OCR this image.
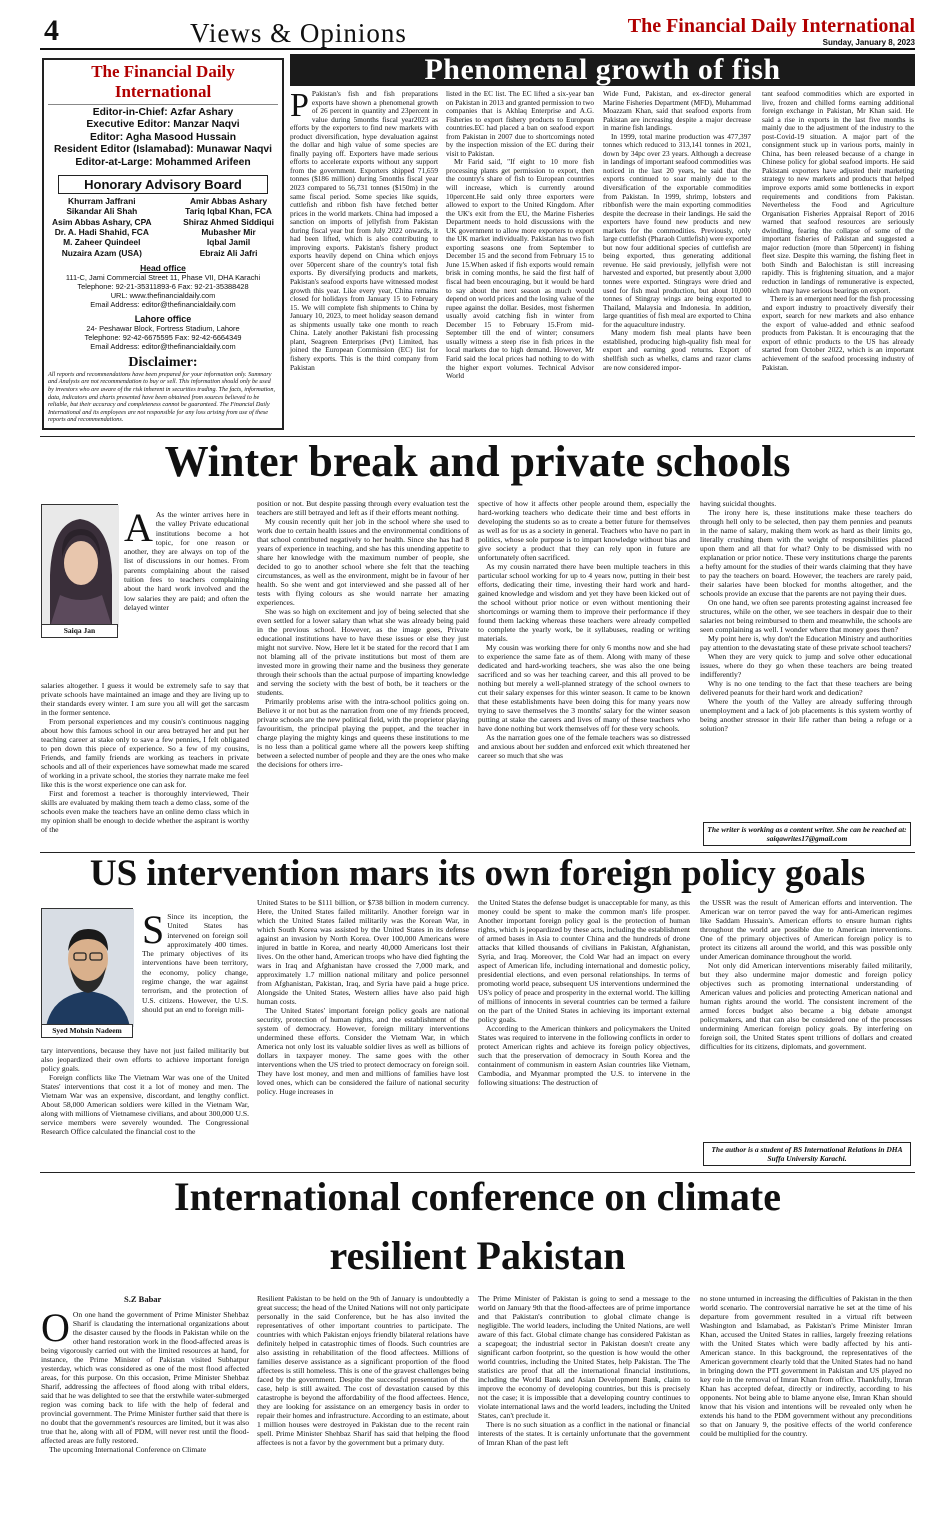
4	Views & Opinions	The Financial Daily International
Sunday, January 8, 2023
The Financial Daily International
Editor-in-Chief: Azfar Ashary
Executive Editor: Manzar Naqvi
Editor: Agha Masood Hussain
Resident Editor (Islamabad): Munawar Naqvi
Editor-at-Large: Mohammed Arifeen
Honorary Advisory Board
Khurram Jaffrani
Sikandar Ali Shah
Asim Abbas Ashary, CPA
Dr. A. Hadi Shahid, FCA
M. Zaheer Quindeel
Nuzaira Azam (USA)
Amir Abbas Ashary
Tariq Iqbal Khan, FCA
Shiraz Ahmed Siddiqui
Mubasher Mir
Iqbal Jamil
Ebraiz Ali Jafri
Head office
111-C, Jami Commercial Street 11, Phase VII, DHA Karachi
Telephone: 92-21-35311893-6 Fax: 92-21-35388428
URL: www.thefinancialdaily.com
Email Address: editor@thefinancialdaily.com
Lahore office
24- Peshawar Block, Fortress Stadium, Lahore
Telephone: 92-42-6675595 Fax: 92-42-6664349
Email Address: editor@thefinancialdaily.com
Disclaimer:
All reports and recommendations have been prepared for your information only. Summary and Analysis are not recommendation to buy or sell. This information should only be used by investors who are aware of the risk inherent in securities trading. The facts, information, data, indicators and charts presented have been obtained from sources believed to be reliable, but their accuracy and completeness cannot be guaranteed. The Financial Daily International and its employees are not responsible for any loss arising from use of these reports and recommendations.
Phenomenal growth of fish

P Pakistan's fish and fish preparations exports have shown a phenomenal growth of 26 percent in quantity and 23percent in value during 5months fiscal year2023 as efforts by the exporters to find new markets with product diversification, hype devaluation against the dollar and high value of some species are finally paying off. Exporters have made serious efforts to accelerate exports without any support from the government. Exporters shipped 71,659 tonnes ($186 million) during 5months fiscal year 2023 compared to 56,731 tonnes ($150m) in the same fiscal period. Some species like squids, cuttlefish and ribbon fish have fetched better prices in the world markets. China had imposed a sanction on imports of jellyfish from Pakistan during fiscal year but from July 2022 onwards, it had been lifted, which is also contributing to improving exports. Pakistan's fishery product exports heavily depend on China which enjoys over 50percent share of the country's total fish exports. By diversifying products and markets, Pakistan's seafood exports have witnessed modest growth this year. Like every year, China remains closed for holidays from January 15 to February 15. We will complete fish shipments to China by January 10, 2023, to meet holiday season demand as shipments usually take one month to reach China. Lately another Pakistani fish processing plant, Seagreen Enterprises (Pvt) Limited, has joined the European Commission (EC) list for fishery exports. This is the third company from Pakistan

listed in the EC list. The EC lifted a six-year ban on Pakistan in 2013 and granted permission to two companies that is Akhlaq Enterprise and A.G. Fisheries to export fishery products to European countries.EC had placed a ban on seafood export from Pakistan in 2007 due to shortcomings noted by the inspection mission of the EC during their visit to Pakistan.

Mr Farid said, "If eight to 10 more fish processing plants get permission to export, then the country's share of fish to European countries will increase, which is currently around 10percent.He said only three exporters were allowed to export to the United Kingdom. After the UK's exit from the EU, the Marine Fisheries Department needs to hold discussions with the UK government to allow more exporters to export the UK market individually. Pakistan has two fish exporting seasons one from September to December 15 and the second from February 15 to June 15.When asked if fish exports would remain brisk in coming months, he said the first half of fiscal had been encouraging, but it would be hard to say about the next season as much would depend on world prices and the losing value of the rupee against the dollar. Besides, most fishermen usually avoid catching fish in winter from December 15 to February 15.From mid-September till the end of winter; consumers usually witness a steep rise in fish prices in the local markets due to high demand. However, Mr Farid said the local prices had nothing to do with the higher export volumes. Technical Advisor World

Wide Fund, Pakistan, and ex-director general Marine Fisheries Department (MFD), Muhammad Moazzam Khan, said that seafood exports from Pakistan are increasing despite a major decrease in marine fish landings.

In 1999, total marine production was 477,397 tonnes which reduced to 313,141 tonnes in 2021, down by 34pc over 23 years. Although a decrease in landings of important seafood commodities was noticed in the last 20 years, he said that the exports continued to soar mainly due to the diversification of the exportable commodities from Pakistan. In 1999, shrimp, lobsters and ribbonfish were the main exporting commodities despite the decrease in their landings. He said the exporters have found new products and new markets for the commodities. Previously, only large cuttlefish (Pharaoh Cuttlefish) were exported but now four additional species of cuttlefish are being exported, thus generating additional revenue. He said previously, jellyfish were not harvested and exported, but presently about 3,000 tonnes were exported. Stingrays were dried and used for fish meal production, but about 10,000 tonnes of Stingray wings are being exported to Thailand, Malaysia and Indonesia. In addition, large quantities of fish meal are exported to China for the aquaculture industry.

Many modern fish meal plants have been established, producing high-quality fish meal for export and earning good returns. Export of shellfish such as whelks, clams and razor clams are now considered impor-

tant seafood commodities which are exported in live, frozen and chilled forms earning additional foreign exchange in Pakistan, Mr Khan said. He said a rise in exports in the last five months is mainly due to the adjustment of the industry to the post-Covid-19 situation. A major part of the consignment stuck up in various ports, mainly in China, has been released because of a change in Chinese policy for global seafood imports. He said Pakistani exporters have adjusted their marketing strategy to new markets and products that helped improve exports amid some bottlenecks in export requirements and conditions from Pakistan. Nevertheless the Food and Agriculture Organisation Fisheries Appraisal Report of 2016 warned that seafood resources are seriously dwindling, fearing the collapse of some of the important fisheries of Pakistan and suggested a major reduction (more than 50percent) in fishing fleet size. Despite this warning, the fishing fleet in both Sindh and Balochistan is still increasing rapidly. This is frightening situation, and a major reduction in landings of remunerative is expected, which may have serious bearings on export.

There is an emergent need for the fish processing and export industry to proactively diversify their export, search for new markets and also enhance the export of value-added and ethnic seafood products from Pakistan. It is encouraging that the export of ethnic products to the US has already started from October 2022, which is an important achievement of the seafood processing industry of Pakistan.

Winter break and private schools
Saiqa Jan

A As the winter arrives here in the valley Private educational institutions become a hot topic, for one reason or another, they are always on top of the list of discussions in our homes. From parents complaining about the raised tuition fees to teachers complaining about the hard work involved and the low salaries they are paid; and often the delayed winter

salaries altogether. I guess it would be extremely safe to say that private schools have maintained an image and they are living up to their standards every winter. I am sure you all will get the sarcasm in the former sentence.

From personal experiences and my cousin's continuous nagging about how this famous school in our area betrayed her and put her teaching career at stake only to save a few pennies, I felt obligated to pen down this piece of experience. So a few of my cousins, Friends, and family friends are working as teachers in private schools and all of their experiences have somewhat made me scared of working in a private school, the stories they narrate make me feel like this is the worst experience one can ask for.

First and foremost a teacher is thoroughly interviewed, Their skills are evaluated by making them teach a demo class, some of the schools even make the teachers have an online demo class which in my opinion shall be enough to decide whether the aspirant is worthy of the

position or not. But despite passing through every evaluation test the teachers are still betrayed and left as if their efforts meant nothing.

My cousin recently quit her job in the school where she used to work due to certain health issues and the environmental conditions of that school contributed negatively to her health. Since she has had 8 years of experience in teaching, and she has this unending appetite to share her knowledge with the maximum number of people, she decided to go to another school where she felt that the teaching circumstances, as well as the environment, might be in favour of her health. So she went and got interviewed and she passed all of her tests with flying colours as she would narrate her amazing experiences.

She was so high on excitement and joy of being selected that she even settled for a lower salary than what she was already being paid in the previous school. However, as the image goes, Private educational institutions have to have these issues or else they just might not survive. Now, Here let it be stated for the record that I am not blaming all of the private institutions but most of them are invested more in growing their name and the business they generate through their schools than the actual purpose of imparting knowledge and serving the society with the best of both, be it teachers or the students.

Primarily problems arise with the intra-school politics going on. Believe it or not but as the narration from one of my friends proceed, private schools are the new political field, with the proprietor playing favouritism, the principal playing the puppet, and the teacher in charge playing the mighty kings and queens these institutions to me is no less than a political game where all the powers keep shifting between a selected number of people and they are the ones who make the decisions for others irre-

spective of how it affects other people around them, especially the hard-working teachers who dedicate their time and best efforts in developing the students so as to create a better future for themselves as well as for us as a society in general. Teachers who have no part in politics, whose sole purpose is to impart knowledge without bias and give society a product that they can rely upon in future are unfortunately often sacrificed.

As my cousin narrated there have been multiple teachers in this particular school working for up to 4 years now, putting in their best efforts, dedicating their time, investing their hard work and hard-gained knowledge and wisdom and yet they have been kicked out of the school without prior notice or even without mentioning their shortcomings or warning them to improve their performance if they found them lacking whereas these teachers were already compelled to complete the yearly work, be it syllabuses, reading or writing materials.

My cousin was working there for only 6 months now and she had to experience the same fate as of them. Along with many of these dedicated and hard-working teachers, she was also the one being sacrificed and so was her teaching career, and this all proved to be nothing but merely a well-planned strategy of the school owners to cut their salary expenses for this winter season. It came to be known that these establishments have been doing this for many years now trying to save themselves the 3 months' salary for the winter season putting at stake the careers and lives of many of these teachers who have done nothing but work themselves off for these very schools.

As the narration goes one of the female teachers was so distressed and anxious about her sudden and enforced exit which threatened her career so much that she was

having suicidal thoughts.

The irony here is, these institutions make these teachers do through hell only to be selected, then pay them pennies and peanuts in the name of salary, making them work as hard as their limits go, literally crushing them with the weight of responsibilities placed upon them and all that for what? Only to be dismissed with no explanation or prior notice. These very institutions charge the parents a hefty amount for the studies of their wards claiming that they have to pay the teachers on board. However, the teachers are rarely paid, their salaries have been blocked for months altogether, and the schools provide an excuse that the parents are not paying their dues.

On one hand, we often see parents protesting against increased fee structures, while on the other, we see teachers in despair due to their salaries not being reimbursed to them and meanwhile, the schools are seen complaining as well. I wonder where that money goes then?

My point here is, why don't the Education Ministry and authorities pay attention to the devastating state of these private school teachers?

When they are very quick to jump and solve other educational issues, where do they go when these teachers are being treated indifferently?

Why is no one tending to the fact that these teachers are being delivered peanuts for their hard work and dedication?

Where the youth of the Valley are already suffering through unemployment and a lack of job placements is this system worthy of being another stressor in their life rather than being a refuge or a solution?

The writer is working as a content writer. She can be reached at: saiqawrites17@gmail.com
US intervention mars its own foreign policy goals
Syed Mohsin Nadeem

S Since its inception, the United States has intervened on foreign soil approximately 400 times. The primary objectives of its interventions have been territory, the economy, policy change, regime change, the war against terrorism, and the protection of U.S. citizens. However, the U.S. should put an end to foreign mili-

tary interventions, because they have not just failed militarily but also jeopardized their own efforts to achieve important foreign policy goals.

Foreign conflicts like The Vietnam War was one of the United States' interventions that cost it a lot of money and men. The Vietnam War was an expensive, discordant, and lengthy conflict. About 58,000 American soldiers were killed in the Vietnam War, along with millions of Vietnamese civilians, and about 300,000 U.S. service members were severely wounded. The Congressional Research Office calculated the financial cost to the

United States to be $111 billion, or $738 billion in modern currency. Here, the United States failed militarily. Another foreign war in which the United States failed militarily was the Korean War, in which South Korea was assisted by the United States in its defense against an invasion by North Korea. Over 100,000 Americans were injured in battle in Korea, and nearly 40,000 Americans lost their lives. On the other hand, American troops who have died fighting the wars in Iraq and Afghanistan have crossed the 7,000 mark, and approximately 1.7 million national military and police personnel from Afghanistan, Pakistan, Iraq, and Syria have paid a huge price. Alongside the United States, Western allies have also paid high human costs.

The United States' important foreign policy goals are national security, protection of human rights, and the establishment of the system of democracy. However, foreign military interventions undermined these efforts. Consider the Vietnam War, in which America not only lost its valuable soldier lives as well as billions of dollars in taxpayer money. The same goes with the other interventions when the US tried to protect democracy on foreign soil. They have lost money, and men and millions of families have lost loved ones, which can be considered the failure of national security policy. Huge increases in

the United States the defense budget is unacceptable for many, as this money could be spent to make the common man's life prosper. Another important foreign policy goal is the protection of human rights, which is jeopardized by these acts, including the establishment of armed bases in Asia to counter China and the hundreds of drone attacks that killed thousands of civilians in Pakistan, Afghanistan, Syria, and Iraq. Moreover, the Cold War had an impact on every aspect of American life, including international and domestic policy, presidential elections, and even personal relationships. In terms of promoting world peace, subsequent US interventions undermined the US's policy of peace and prosperity in the external world. The killing of millions of innocents in several countries can be termed a failure on the part of the United States in achieving its important external policy goals.

According to the American thinkers and policymakers the United States was required to intervene in the following conflicts in order to protect American rights and achieve its foreign policy objectives, such that the preservation of democracy in South Korea and the containment of communism in eastern Asian countries like Vietnam, Cambodia, and Myanmar prompted the U.S. to intervene in the following situations: The destruction of

the USSR was the result of American efforts and intervention. The American war on terror paved the way for anti-American regimes like Saddam Hussain's. American efforts to ensure human rights throughout the world are possible due to American interventions. One of the primary objectives of American foreign policy is to protect its citizens all around the world, and this was possible only under American dominance throughout the world.

Not only did American interventions miserably failed militarily, but they also undermine major domestic and foreign policy objectives such as promoting international understanding of American values and policies and protecting American national and human rights around the world. The consistent increment of the armed forces budget also became a big debate amongst policymakers, and that can also be considered one of the processes undermining American foreign policy goals. By interfering on foreign soil, the United States spent trillions of dollars and created difficulties for its citizens, diplomats, and government.

The author is a student of BS International Relations in DHA Suffa University Karachi.
International conference on climate
resilient Pakistan
S.Z Babar

O On one hand the government of Prime Minister Shehbaz Sharif is claudating the international organizations about the disaster caused by the floods in Pakistan while on the other hand restoration work in the flood-affected areas is being vigorously carried out with the limited resources at hand, for instance, the Prime Minister of Pakistan visited Subhatpur yesterday, which was considered as one of the most flood affected areas, for this purpose. On this occasion, Prime Minister Shehbaz Sharif, addressing the affectees of flood along with tribal elders, said that he was delighted to see that the erstwhile water-submerged region was coming back to life with the help of federal and provincial government. The Prime Minister further said that there is no doubt that the government's resources are limited, but it was also true that he, along with all of PDM, will never rest until the flood-affected areas are fully restored.

The upcoming International Conference on Climate

Resilient Pakistan to be held on the 9th of January is undoubtedly a great success; the head of the United Nations will not only participate personally in the said Conference, but he has also invited the representatives of other important countries to participate. The countries with which Pakistan enjoys friendly bilateral relations have definitely helped in catastrophic times of floods. Such countries are also assisting in rehabilitation of the flood affectees. Millions of families deserve assistance as a significant proportion of the flood affectees is still homeless. This is one of the gravest challenges being faced by the government. Despite the successful presentation of the case, help is still awaited. The cost of devastation caused by this catastrophe is beyond the affordability of the flood affectees. Hence, they are looking for assistance on an emergency basis in order to repair their homes and infrastructure. According to an estimate, about 1 million houses were destroyed in Pakistan due to the recent rain spell. Prime Minister Shehbaz Sharif has said that helping the flood affectees is not a favor by the government but a primary duty.

The Prime Minister of Pakistan is going to send a message to the world on January 9th that the flood-affectees are of prime importance and that Pakistan's contribution to global climate change is negligible. The world leaders, including the United Nations, are well aware of this fact. Global climate change has considered Pakistan as a scapegoat; the industrial sector in Pakistan doesn't create any significant carbon footprint, so the question is how would the other world countries, including the United States, help Pakistan. The The statistics are proof that all the international financial institutions, including the World Bank and Asian Development Bank, claim to improve the economy of developing countries, but this is precisely not the case; it is impossible that a developing country continues to violate international laws and the world leaders, including the United States, can't preclude it.

There is no such situation as a conflict in the national or financial interests of the states. It is certainly unfortunate that the government of Imran Khan of the past left

no stone unturned in increasing the difficulties of Pakistan in the then world scenario. The controversial narrative he set at the time of his departure from government resulted in a virtual rift between Washington and Islamabad, as Pakistan's Prime Minister Imran Khan, accused the United States in rallies, largely freezing relations with the United States which were badly affected by his anti-American stance. In this background, the representatives of the American government clearly told that the United States had no hand in bringing down the PTI government in Pakistan and US played no key role in the removal of Imran Khan from office. Thankfully, Imran Khan has accepted defeat, directly or indirectly, according to his opponents. Not being able to blame anyone else, Imran Khan should know that his vision and intentions will be revealed only when he extends his hand to the PDM government without any preconditions so that on January 9, the positive effects of the world conference could be multiplied for the country.
